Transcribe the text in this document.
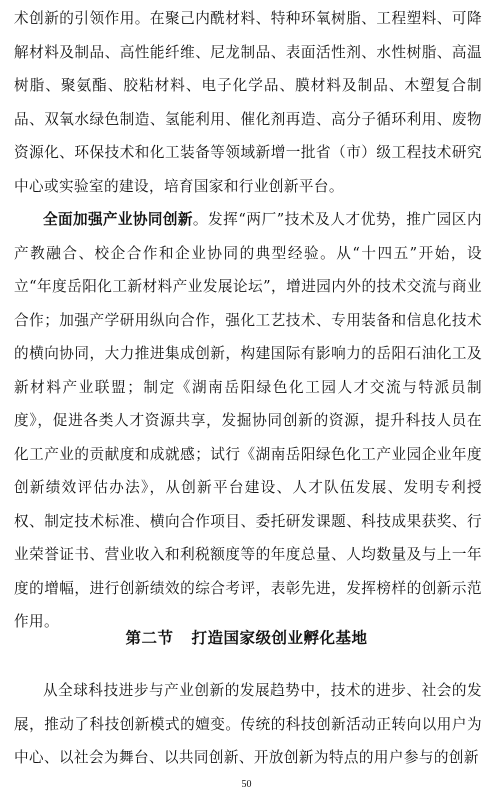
术创新的引领作用。在聚己内酰材料、特种环氧树脂、工程塑料、可降解材料及制品、高性能纤维、尼龙制品、表面活性剂、水性树脂、高温树脂、聚氨酯、胶粘材料、电子化学品、膜材料及制品、木塑复合制品、双氧水绿色制造、氢能利用、催化剂再造、高分子循环利用、废物资源化、环保技术和化工装备等领域新增一批省（市）级工程技术研究中心或实验室的建设，培育国家和行业创新平台。

全面加强产业协同创新。发挥“两厂”技术及人才优势，推广园区内产教融合、校企合作和企业协同的典型经验。从“十四五”开始，设立“年度岳阳化工新材料产业发展论坛”，增进园内外的技术交流与商业合作；加强产学研用纵向合作，强化工艺技术、专用装备和信息化技术的横向协同，大力推进集成创新，构建国际有影响力的岳阳石油化工及新材料产业联盟；制定《湖南岳阳绿色化工园人才交流与特派员制度》，促进各类人才资源共享，发掘协同创新的资源，提升科技人员在化工产业的贡献度和成就感；试行《湖南岳阳绿色化工产业园企业年度创新绩效评估办法》，从创新平台建设、人才队伍发展、发明专利授权、制定技术标准、横向合作项目、委托研发课题、科技成果获奖、行业荣誉证书、营业收入和利税额度等的年度总量、人均数量及与上一年度的增幅，进行创新绩效的综合考评，表彰先进，发挥榜样的创新示范作用。

第二节 打造国家级创业孵化基地

从全球科技进步与产业创新的发展趋势中，技术的进步、社会的发展，推动了科技创新模式的嬗变。传统的科技创新活动正转向以用户为中心、以社会为舞台、以共同创新、开放创新为特点的用户参与的创新

50
